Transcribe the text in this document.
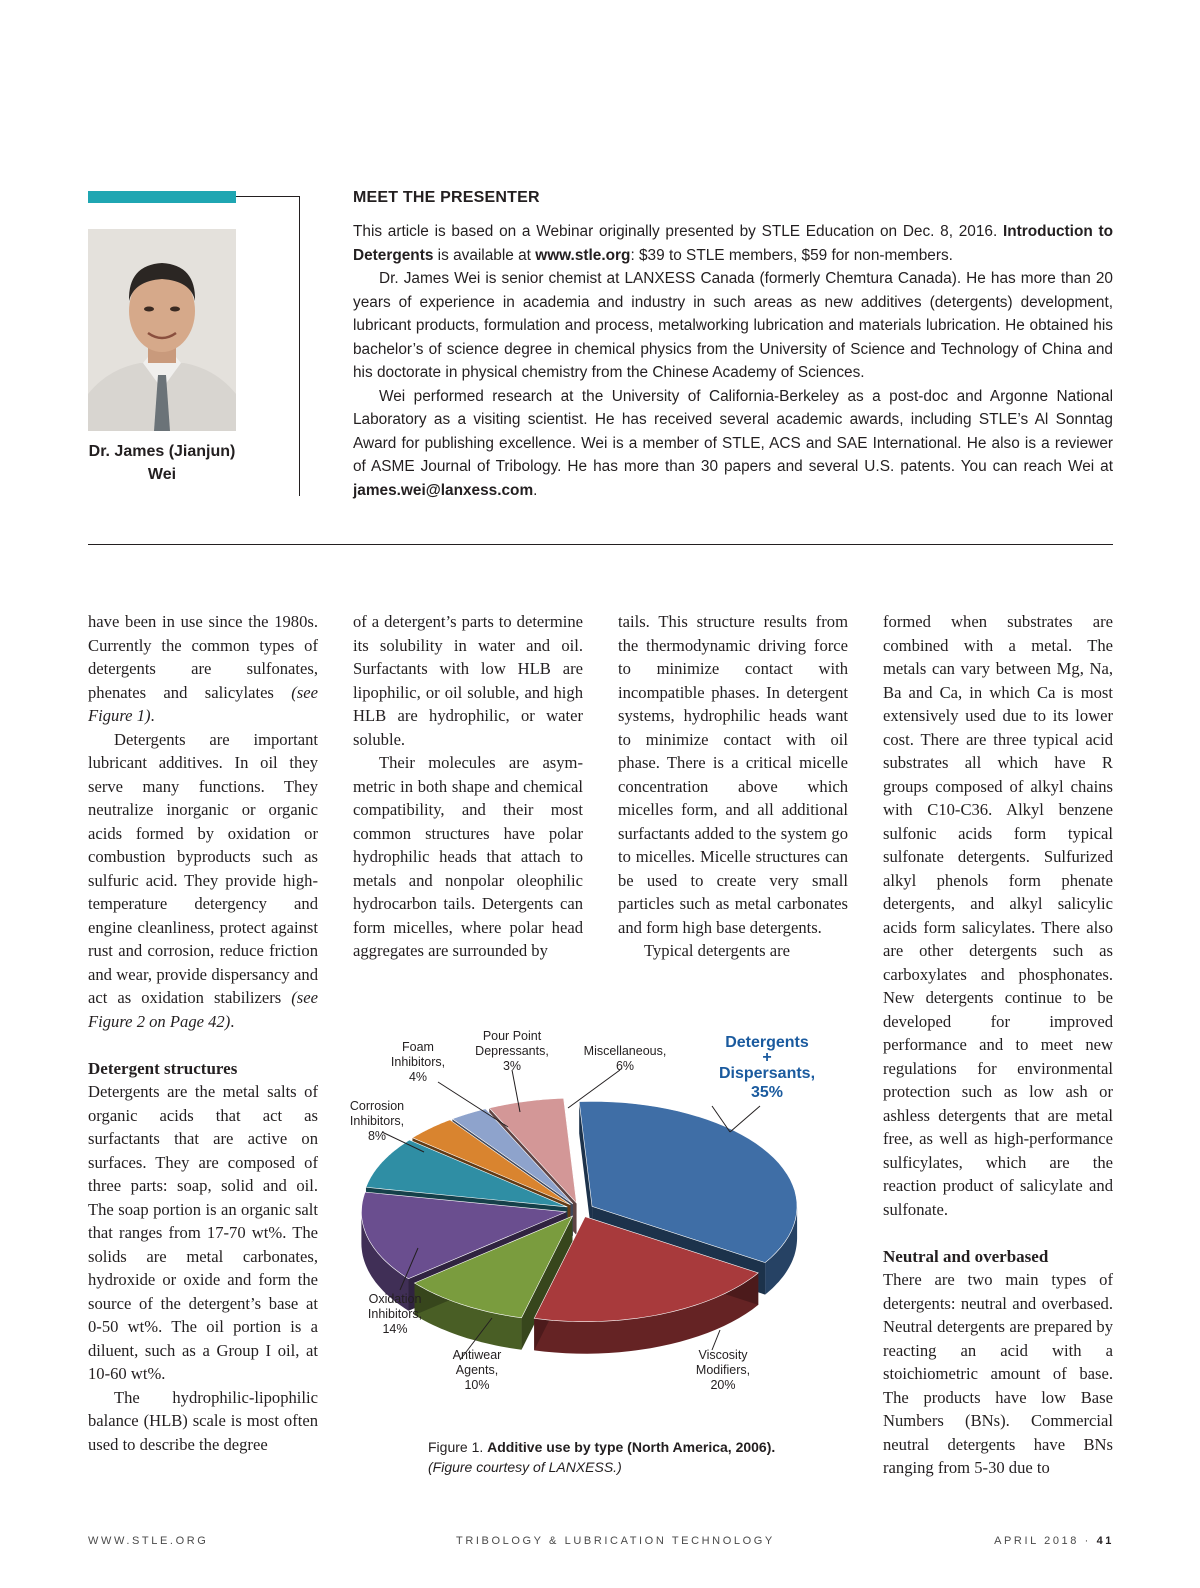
Dr. James (Jianjun)
Wei
MEET THE PRESENTER

This article is based on a Webinar originally presented by STLE Education on Dec. 8, 2016. Introduction to Detergents is available at www.stle.org: $39 to STLE members, $59 for non-members.

Dr. James Wei is senior chemist at LANXESS Canada (formerly Chemtura Canada). He has more than 20 years of experience in academia and industry in such areas as new additives (detergents) development, lubricant products, formulation and process, metalworking lubrication and materials lubrication. He obtained his bachelor’s of science degree in chemical physics from the University of Science and Technology of China and his doctorate in physical chemistry from the Chinese Academy of Sciences.

Wei performed research at the University of California-Berkeley as a post-doc and Argonne National Laboratory as a visiting scientist. He has received several academic awards, including STLE’s Al Sonntag Award for publishing excellence. Wei is a member of STLE, ACS and SAE International. He also is a reviewer of ASME Journal of Tribology. He has more than 30 papers and several U.S. patents. You can reach Wei at james.wei@lanxess.com.

have been in use since the 1980s. Currently the common types of detergents are sulfonates, phenates and salicylates (see Figure 1).

Detergents are important lubricant additives. In oil they serve many functions. They neutralize inorganic or organic acids formed by oxidation or combustion byproducts such as sulfuric acid. They provide high-temperature detergency and engine cleanliness, protect against rust and corrosion, reduce friction and wear, provide dispersancy and act as oxidation stabilizers (see Figure 2 on Page 42).

Detergent structures

Detergents are the metal salts of organic acids that act as surfactants that are active on surfaces. They are composed of three parts: soap, solid and oil. The soap portion is an organic salt that ranges from 17-70 wt%. The solids are metal carbonates, hydroxide or oxide and form the source of the detergent’s base at 0-50 wt%. The oil portion is a diluent, such as a Group I oil, at 10-60 wt%.

The hydrophilic-lipophilic balance (HLB) scale is most often used to describe the degree

of a detergent’s parts to determine its solubility in water and oil. Surfactants with low HLB are lipophilic, or oil soluble, and high HLB are hydrophilic, or water soluble.

Their molecules are asymmetric in both shape and chemical compatibility, and their most common structures have polar hydrophilic heads that attach to metals and nonpolar oleophilic hydrocarbon tails. Detergents can form micelles, where polar head aggregates are surrounded by

tails. This structure results from the thermodynamic driving force to minimize contact with incompatible phases. In detergent systems, hydrophilic heads want to minimize contact with oil phase. There is a critical micelle concentration above which micelles form, and all additional surfactants added to the system go to micelles. Micelle structures can be used to create very small particles such as metal carbonates and form high base detergents.

Typical detergents are

formed when substrates are combined with a metal. The metals can vary between Mg, Na, Ba and Ca, in which Ca is most extensively used due to its lower cost. There are three typical acid substrates all which have R groups composed of alkyl chains with C10-C36. Alkyl benzene sulfonic acids form typical sulfonate detergents. Sulfurized alkyl phenols form phenate detergents, and alkyl salicylic acids form salicylates. There also are other detergents such as carboxylates and phosphonates. New detergents continue to be developed for improved performance and to meet new regulations for environmental protection such as low ash or ashless detergents that are metal free, as well as high-performance sulficylates, which are the reaction product of salicylate and sulfonate.

Neutral and overbased

There are two main types of detergents: neutral and overbased. Neutral detergents are prepared by reacting an acid with a stoichiometric amount of base. The products have low Base Numbers (BNs). Commercial neutral detergents have BNs ranging from 5-30 due to

Detergents
+
Dispersants,
35%
Viscosity
Modifiers,
20%
Antiwear
Agents,
10%
Oxidation
Inhibitors,
14%
Corrosion
Inhibitors,
8%
Foam
Inhibitors,
4%
Pour Point
Depressants,
3%
Miscellaneous,
6%
Figure 1. Additive use by type (North America, 2006).
(Figure courtesy of LANXESS.)
WWW.STLE.ORG	TRIBOLOGY & LUBRICATION TECHNOLOGY	APRIL 2018 · 41
